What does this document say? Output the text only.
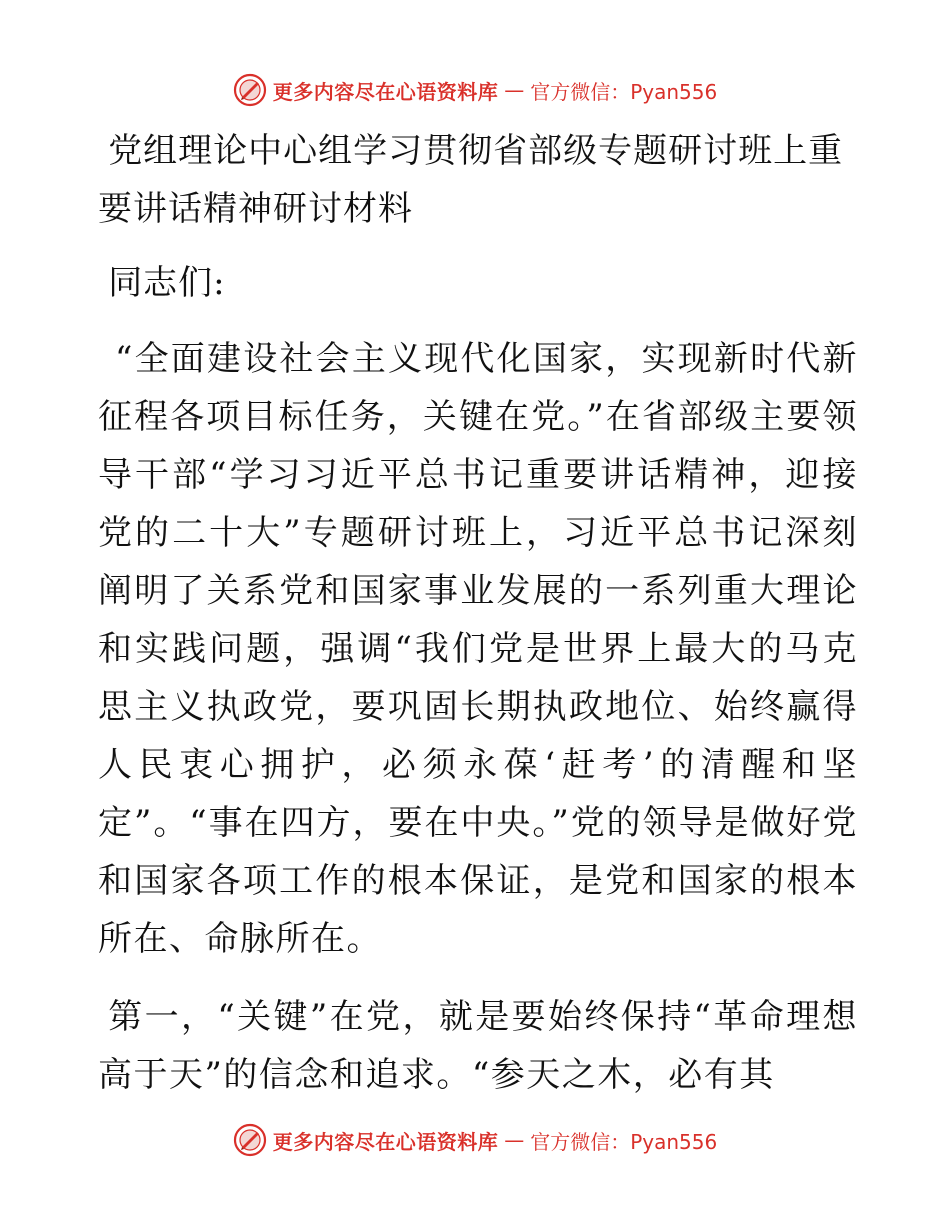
更多内容尽在心语资料库 — 官方微信：Pyan556
党组理论中心组学习贯彻省部级专题研讨班上重要讲话精神研讨材料

同志们:

“全面建设社会主义现代化国家，实现新时代新征程各项目标任务，关键在党。”在省部级主要领导干部“学习习近平总书记重要讲话精神，迎接党的二十大”专题研讨班上，习近平总书记深刻阐明了关系党和国家事业发展的一系列重大理论和实践问题，强调“我们党是世界上最大的马克思主义执政党，要巩固长期执政地位、始终赢得人民衷心拥护，必须永葆‘赶考’的清醒和坚定”。“事在四方，要在中央。”党的领导是做好党和国家各项工作的根本保证，是党和国家的根本所在、命脉所在。

第一，“关键”在党，就是要始终保持“革命理想高于天”的信念和追求。“参天之木，必有其

更多内容尽在心语资料库 — 官方微信：Pyan556
